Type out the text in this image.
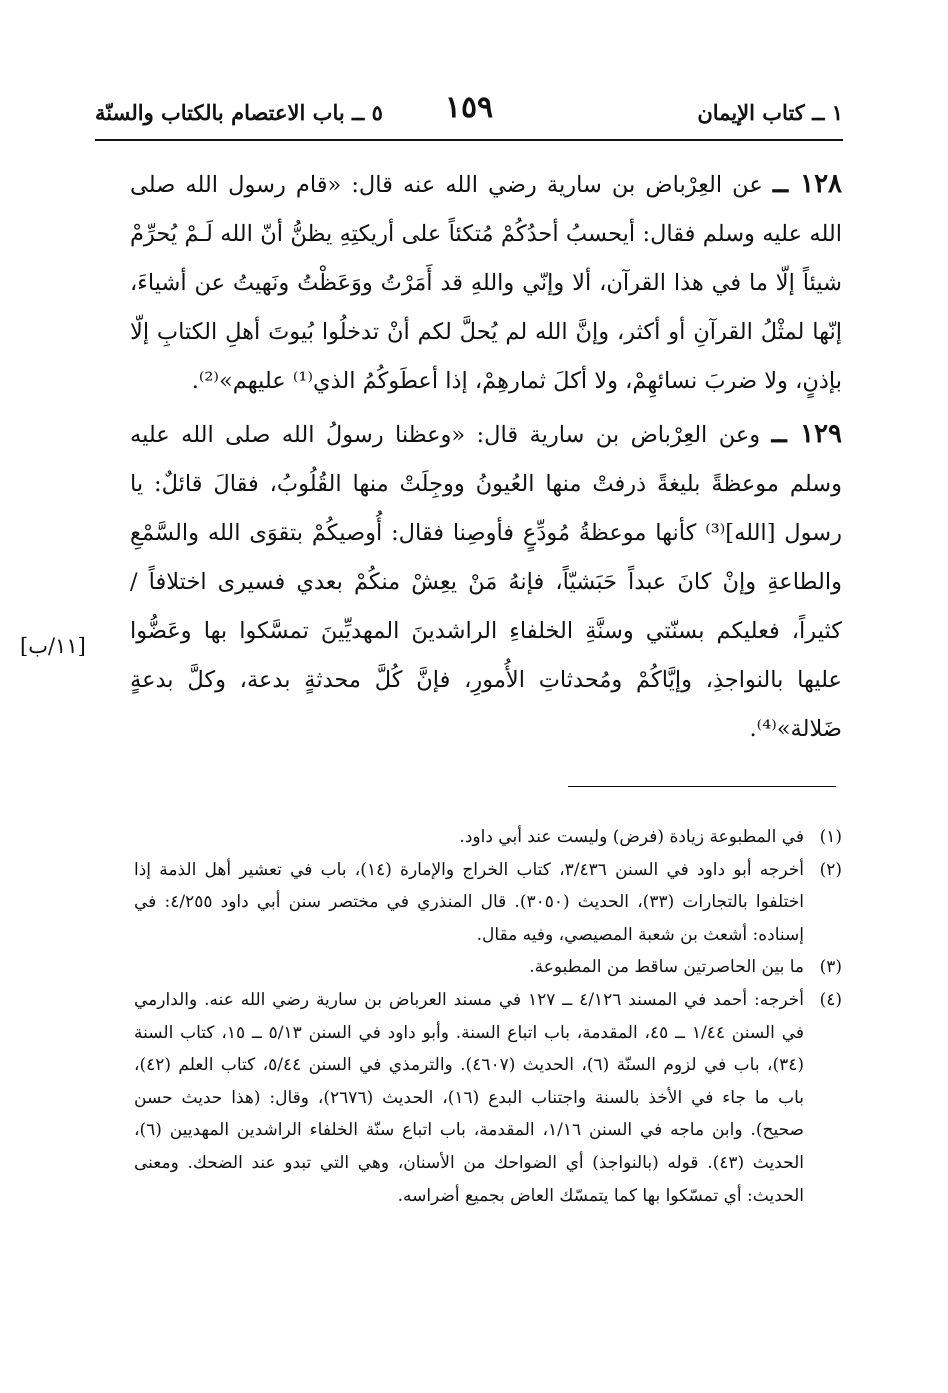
١ ــ كتاب الإيمان
١٥٩
٥ ــ باب الاعتصام بالكتاب والسنّة

١٢٨ ــ عن العِرْباض بن سارية رضي الله عنه قال: «قام رسول الله صلى الله عليه وسلم فقال: أيحسبُ أحدُكُمْ مُتكئاً على أريكتِهِ يظنُّ أنّ الله لَـمْ يُحرِّمْ شيئاً إلّا ما في هذا القرآن، ألا وإنّي واللهِ قد أَمَرْتُ ووَعَظْتُ ونَهيتُ عن أشياءَ، إنّها لمثْلُ القرآنِ أو أكثر، وإنَّ الله لم يُحلَّ لكم أنْ تدخلُوا بُيوتَ أهلِ الكتابِ إلّا بإذنٍ، ولا ضربَ نسائهِمْ، ولا أكلَ ثمارهِمْ، إذا أعطَوكُمُ الذي⁽¹⁾ عليهم»⁽²⁾.

١٢٩ ــ وعن العِرْباض بن سارية قال: «وعظنا رسولُ الله صلى الله عليه وسلم موعظةً بليغةً ذرفتْ منها العُيونُ ووجِلَتْ منها القُلُوبُ، فقالَ قائلٌ: يا رسول [الله]⁽³⁾ كأنها موعظةُ مُودِّعٍ فأوصِنا فقال: أُوصيكُمْ بتقوَى الله والسَّمْعِ والطاعةِ وإنْ كانَ عبداً حَبَشيّاً، فإنهُ مَنْ يعِشْ منكُمْ بعدي فسيرى اختلافاً / كثيراً، فعليكم بسنّتي وسنَّةِ الخلفاءِ الراشدينَ المهديِّينَ تمسَّكوا بها وعَضُّوا عليها بالنواجذِ، وإيَّاكُمْ ومُحدثاتِ الأُمورِ، فإنَّ كُلَّ محدثةٍ بدعة، وكلَّ بدعةٍ ضَلالة»⁽⁴⁾.

[١١/ب]
(١)
في المطبوعة زيادة (فرض) وليست عند أبي داود.
(٢)
أخرجه أبو داود في السنن ٣/٤٣٦، كتاب الخراج والإمارة (١٤)، باب في تعشير أهل الذمة إذا اختلفوا بالتجارات (٣٣)، الحديث (٣٠٥٠). قال المنذري في مختصر سنن أبي داود ٤/٢٥٥: في إسناده: أشعث بن شعبة المصيصي، وفيه مقال.
(٣)
ما بين الحاصرتين ساقط من المطبوعة.
(٤)
أخرجه: أحمد في المسند ٤/١٢٦ ــ ١٢٧ في مسند العرباض بن سارية رضي الله عنه. والدارمي في السنن ١/٤٤ ــ ٤٥، المقدمة، باب اتباع السنة. وأبو داود في السنن ٥/١٣ ــ ١٥، كتاب السنة (٣٤)، باب في لزوم السنّة (٦)، الحديث (٤٦٠٧). والترمذي في السنن ٥/٤٤، كتاب العلم (٤٢)، باب ما جاء في الأخذ بالسنة واجتناب البدع (١٦)، الحديث (٢٦٧٦)، وقال: (هذا حديث حسن صحيح). وابن ماجه في السنن ١/١٦، المقدمة، باب اتباع سنّة الخلفاء الراشدين المهديين (٦)، الحديث (٤٣). قوله (بالنواجذ) أي الضواحك من الأسنان، وهي التي تبدو عند الضحك. ومعنى الحديث: أي تمسّكوا بها كما يتمسّك العاض بجميع أضراسه.
